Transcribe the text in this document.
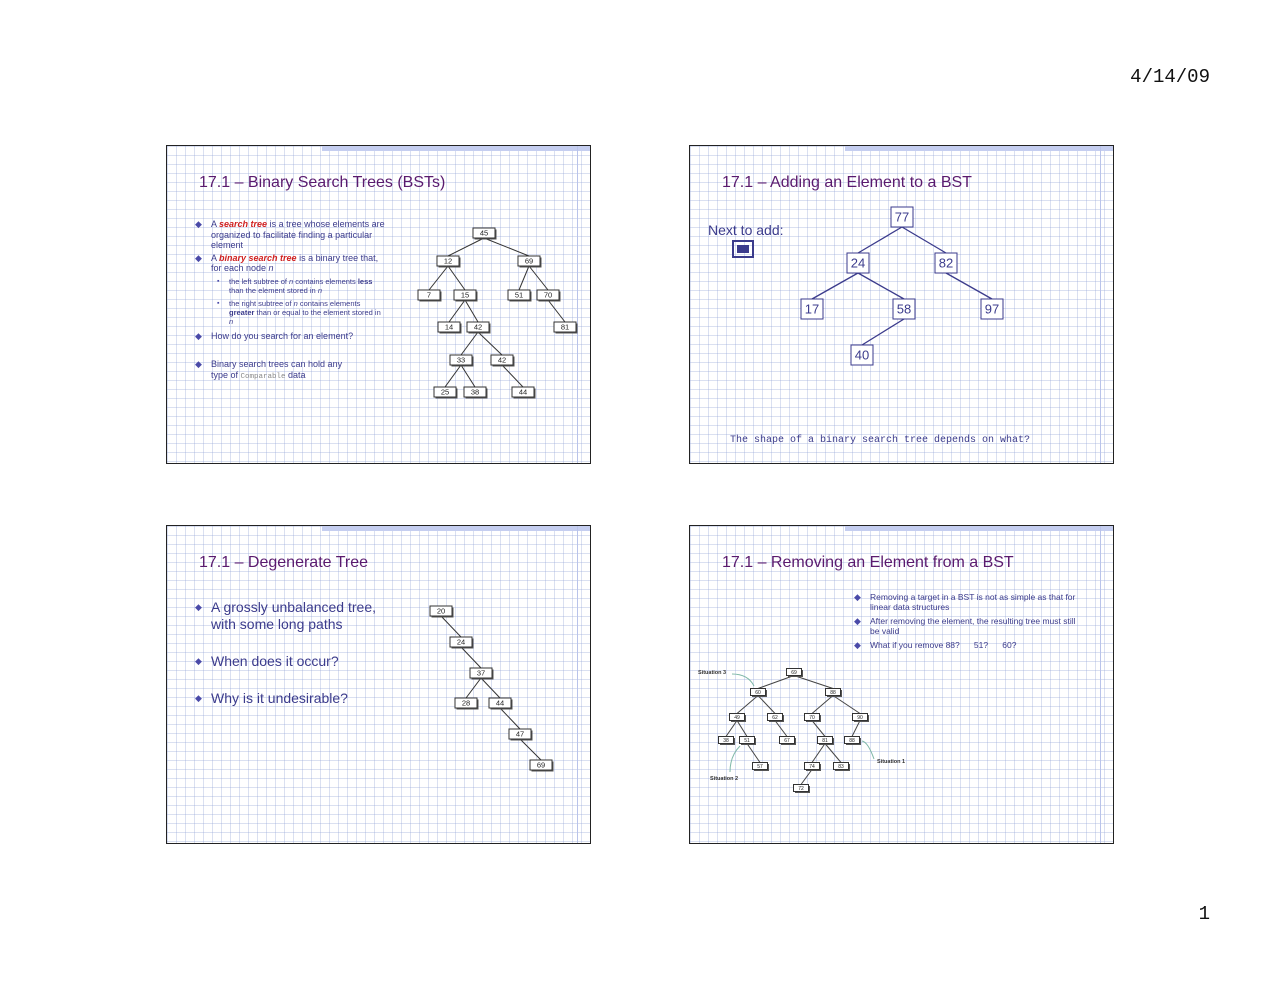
4/14/09
17.1 – Binary Search Trees (BSTs)
◆ A search tree is a tree whose elements are organized to facilitate finding a particular element
◆ A binary search tree is a binary tree that, for each node n
▪ the left subtree of n contains elements less than the element stored in n
▪ the right subtree of n contains elements greater than or equal to the element stored in n
◆ How do you search for an element?
◆ Binary search trees can hold any type of Comparable data
45
12	69
7	15	51	70
14	42	81
33	42
25	38	44
17.1 – Adding an Element to a BST
Next to add:
77
24	82
17	58	97
40
The shape of a binary search tree depends on what?
17.1 – Degenerate Tree
◆ A grossly unbalanced tree, with some long paths
◆ When does it occur?
◆ Why is it undesirable?
20
24
37
28	44
47
69
17.1 – Removing an Element from a BST
◆ Removing a target in a BST is not as simple as that for linear data structures
◆ After removing the element, the resulting tree must still be valid
◆ What if you remove 88?      51?      60?
69
60	88
49	62	70	90
38	51	67	81	88
57	74	83
72
Situation 3
Situation 2
Situation 1
1
